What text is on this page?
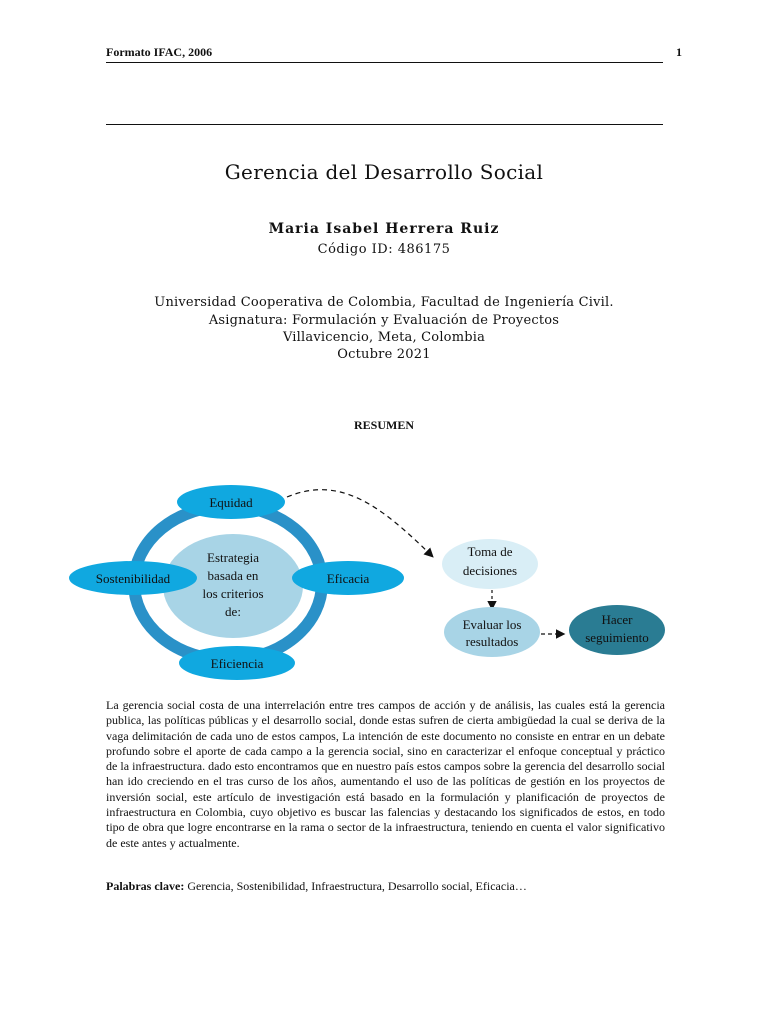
Formato IFAC, 2006	1
Gerencia del Desarrollo Social
Maria Isabel Herrera Ruiz
Código ID: 486175
Universidad Cooperativa de Colombia, Facultad de Ingeniería Civil.
Asignatura: Formulación y Evaluación de Proyectos
Villavicencio, Meta, Colombia
Octubre 2021
RESUMEN
Estrategia
basada en
los criterios
de:
Equidad
Sostenibilidad	Eficacia
Eficiencia
Toma de
decisiones
Evaluar los
resultados
Hacer
seguimiento
La gerencia social costa de una interrelación entre tres campos de acción y de análisis, las cuales está la gerencia publica, las políticas públicas y el desarrollo social, donde estas sufren de cierta ambigüedad la cual se deriva de la vaga delimitación de cada uno de estos campos, La intención de este documento no consiste en entrar en un debate profundo sobre el aporte de cada campo a la gerencia social, sino en caracterizar el enfoque conceptual y práctico de la infraestructura. dado esto encontramos que en nuestro país estos campos sobre la gerencia del desarrollo social han ido creciendo en el tras curso de los años, aumentando el uso de las políticas de gestión en los proyectos de inversión social, este artículo de investigación está basado en la formulación y planificación de proyectos de infraestructura en Colombia, cuyo objetivo es buscar las falencias y destacando los significados de estos, en todo tipo de obra que logre encontrarse en la rama o sector de la infraestructura, teniendo en cuenta el valor significativo de este antes y actualmente.
Palabras clave: Gerencia, Sostenibilidad, Infraestructura, Desarrollo social, Eficacia…
